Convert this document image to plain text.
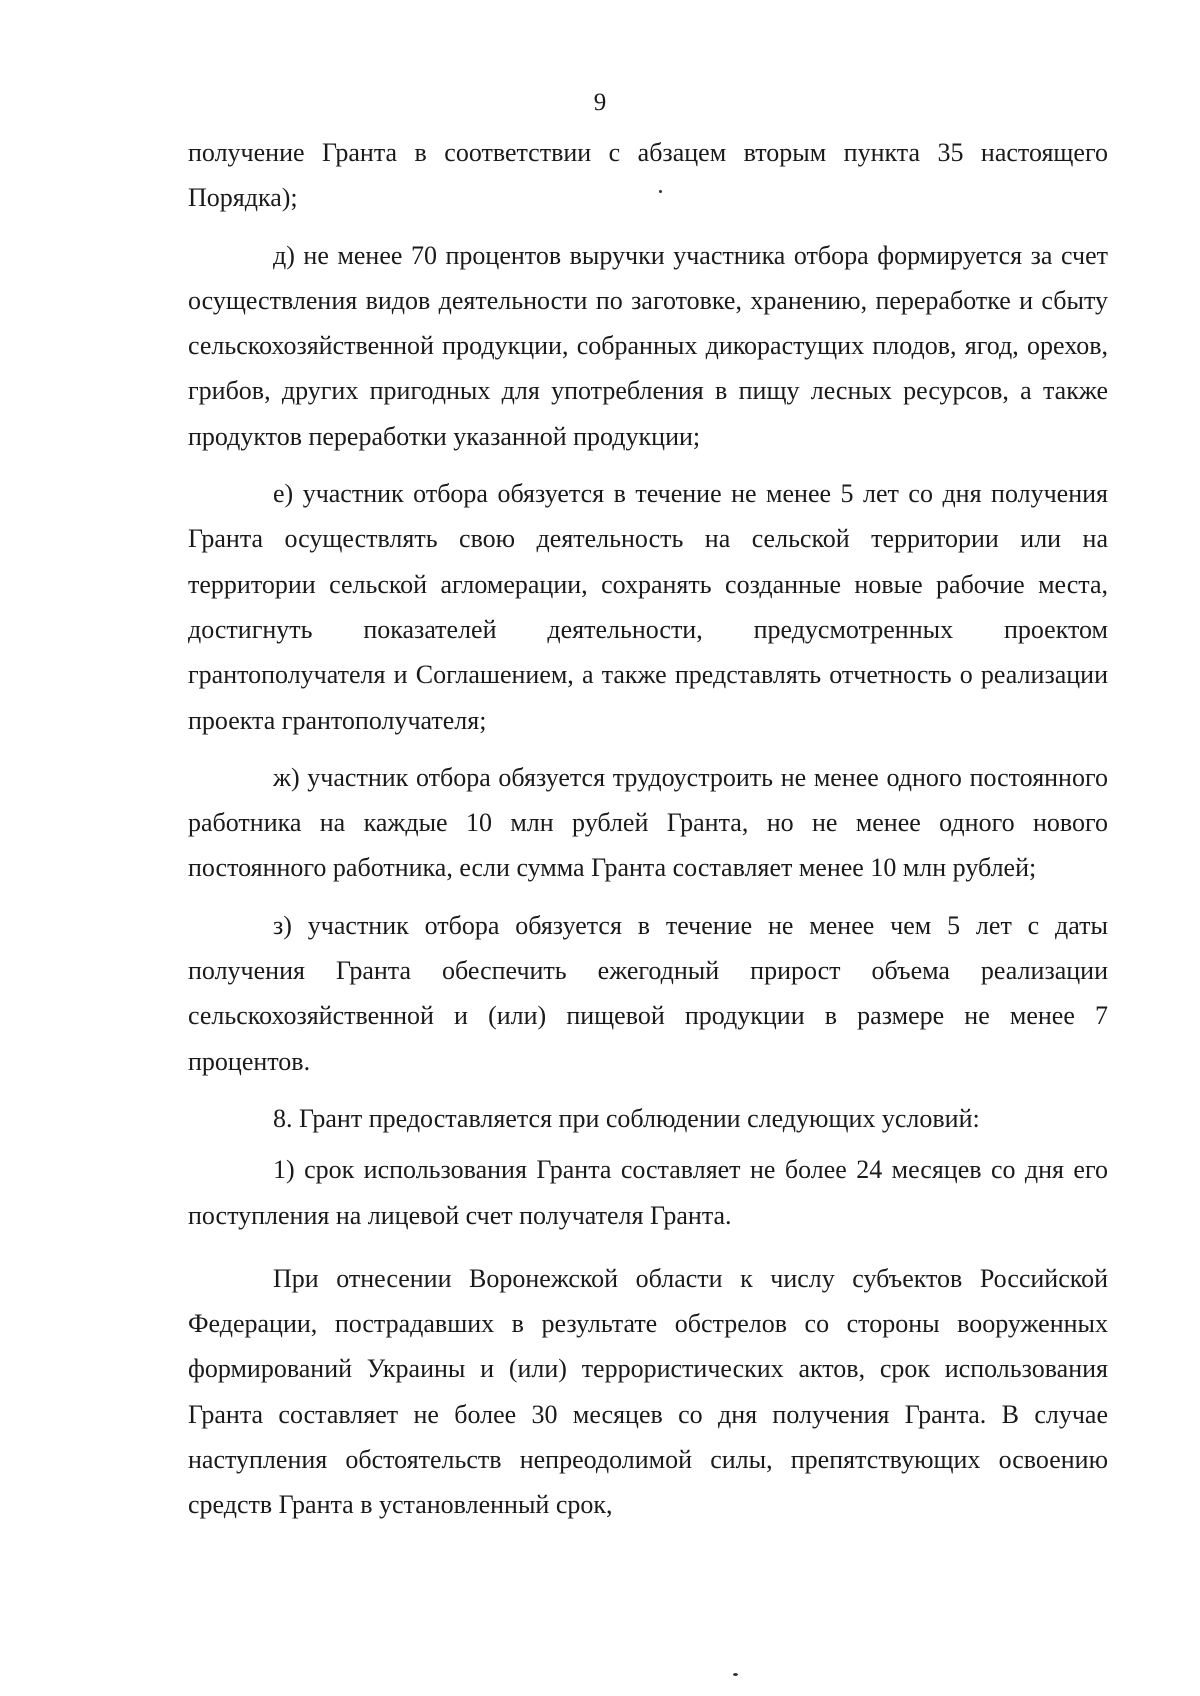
9

получение Гранта в соответствии с абзацем вторым пункта 35 настоящего Порядка);

д) не менее 70 процентов выручки участника отбора формируется за счет осуществления видов деятельности по заготовке, хранению, переработке и сбыту сельскохозяйственной продукции, собранных дикорастущих плодов, ягод, орехов, грибов, других пригодных для употребления в пищу лесных ресурсов, а также продуктов переработки указанной продукции;

е) участник отбора обязуется в течение не менее 5 лет со дня получения Гранта осуществлять свою деятельность на сельской территории или на территории сельской агломерации, сохранять созданные новые рабочие места, достигнуть показателей деятельности, предусмотренных проектом грантополучателя и Соглашением, а также представлять отчетность о реализации проекта грантополучателя;

ж) участник отбора обязуется трудоустроить не менее одного постоянного работника на каждые 10 млн рублей Гранта, но не менее одного нового постоянного работника, если сумма Гранта составляет менее 10 млн рублей;

з) участник отбора обязуется в течение не менее чем 5 лет с даты получения Гранта обеспечить ежегодный прирост объема реализации сельскохозяйственной и (или) пищевой продукции в размере не менее 7 процентов.

8. Грант предоставляется при соблюдении следующих условий:

1) срок использования Гранта составляет не более 24 месяцев со дня его поступления на лицевой счет получателя Гранта.

При отнесении Воронежской области к числу субъектов Российской Федерации, пострадавших в результате обстрелов со стороны вооруженных формирований Украины и (или) террористических актов, срок использования Гранта составляет не более 30 месяцев со дня получения Гранта. В случае наступления обстоятельств непреодолимой силы, препятствующих освоению средств Гранта в установленный срок,
